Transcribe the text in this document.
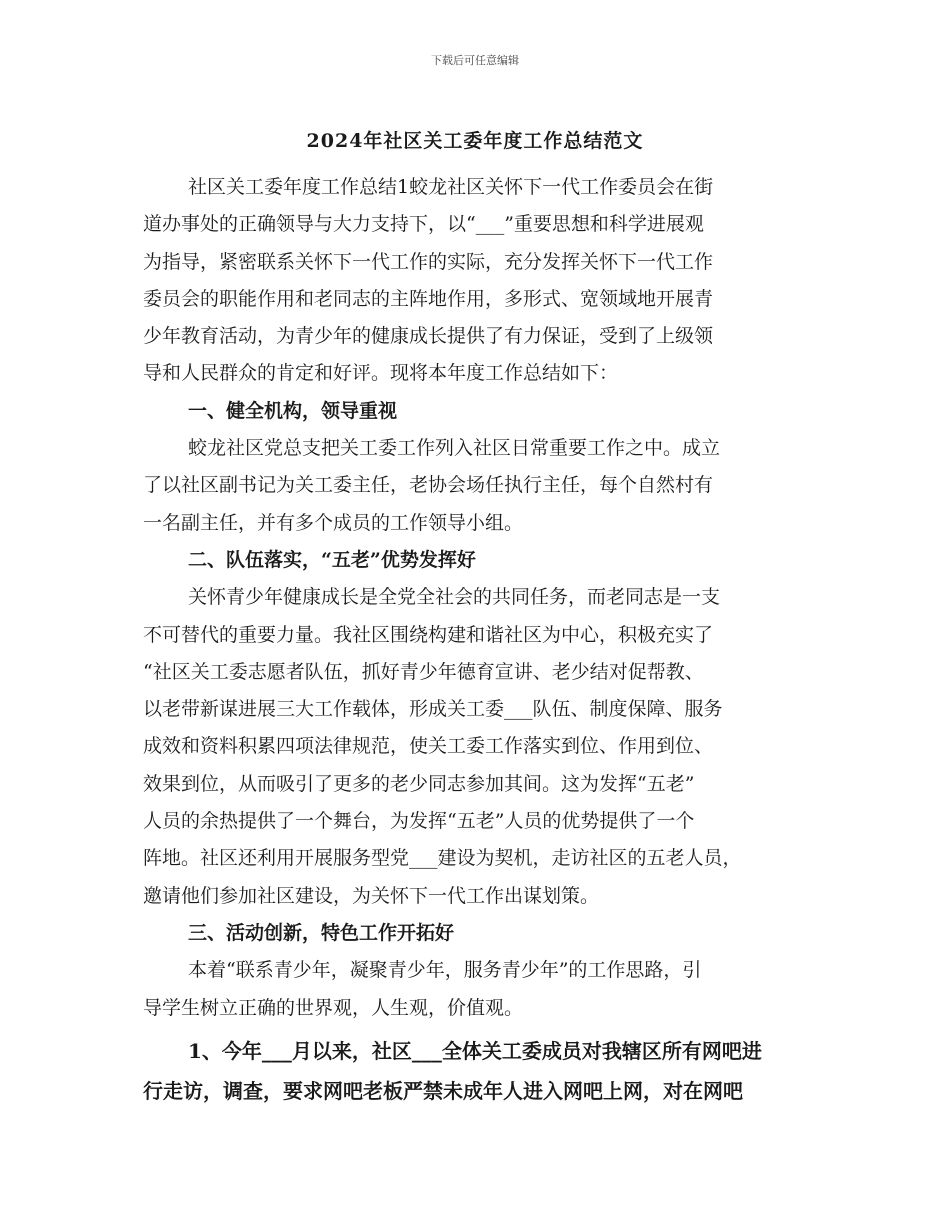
下载后可任意编辑
2024年社区关工委年度工作总结范文
社区关工委年度工作总结1蛟龙社区关怀下一代工作委员会在街
道办事处的正确领导与大力支持下，以“___”重要思想和科学进展观
为指导，紧密联系关怀下一代工作的实际，充分发挥关怀下一代工作
委员会的职能作用和老同志的主阵地作用，多形式、宽领域地开展青
少年教育活动，为青少年的健康成长提供了有力保证，受到了上级领
导和人民群众的肯定和好评。现将本年度工作总结如下：
一、健全机构，领导重视
蛟龙社区党总支把关工委工作列入社区日常重要工作之中。成立
了以社区副书记为关工委主任，老协会场任执行主任，每个自然村有
一名副主任，并有多个成员的工作领导小组。
二、队伍落实，“五老”优势发挥好
关怀青少年健康成长是全党全社会的共同任务，而老同志是一支
不可替代的重要力量。我社区围绕构建和谐社区为中心，积极充实了
“社区关工委志愿者队伍，抓好青少年德育宣讲、老少结对促帮教、
以老带新谋进展三大工作载体，形成关工委___队伍、制度保障、服务
成效和资料积累四项法律规范，使关工委工作落实到位、作用到位、
效果到位，从而吸引了更多的老少同志参加其间。这为发挥“五老”
人员的余热提供了一个舞台，为发挥“五老”人员的优势提供了一个
阵地。社区还利用开展服务型党___建设为契机，走访社区的五老人员，
邀请他们参加社区建设，为关怀下一代工作出谋划策。
三、活动创新，特色工作开拓好
本着“联系青少年，凝聚青少年，服务青少年”的工作思路，引
导学生树立正确的世界观，人生观，价值观。
1、今年___月以来，社区___全体关工委成员对我辖区所有网吧进
行走访，调查，要求网吧老板严禁未成年人进入网吧上网，对在网吧
